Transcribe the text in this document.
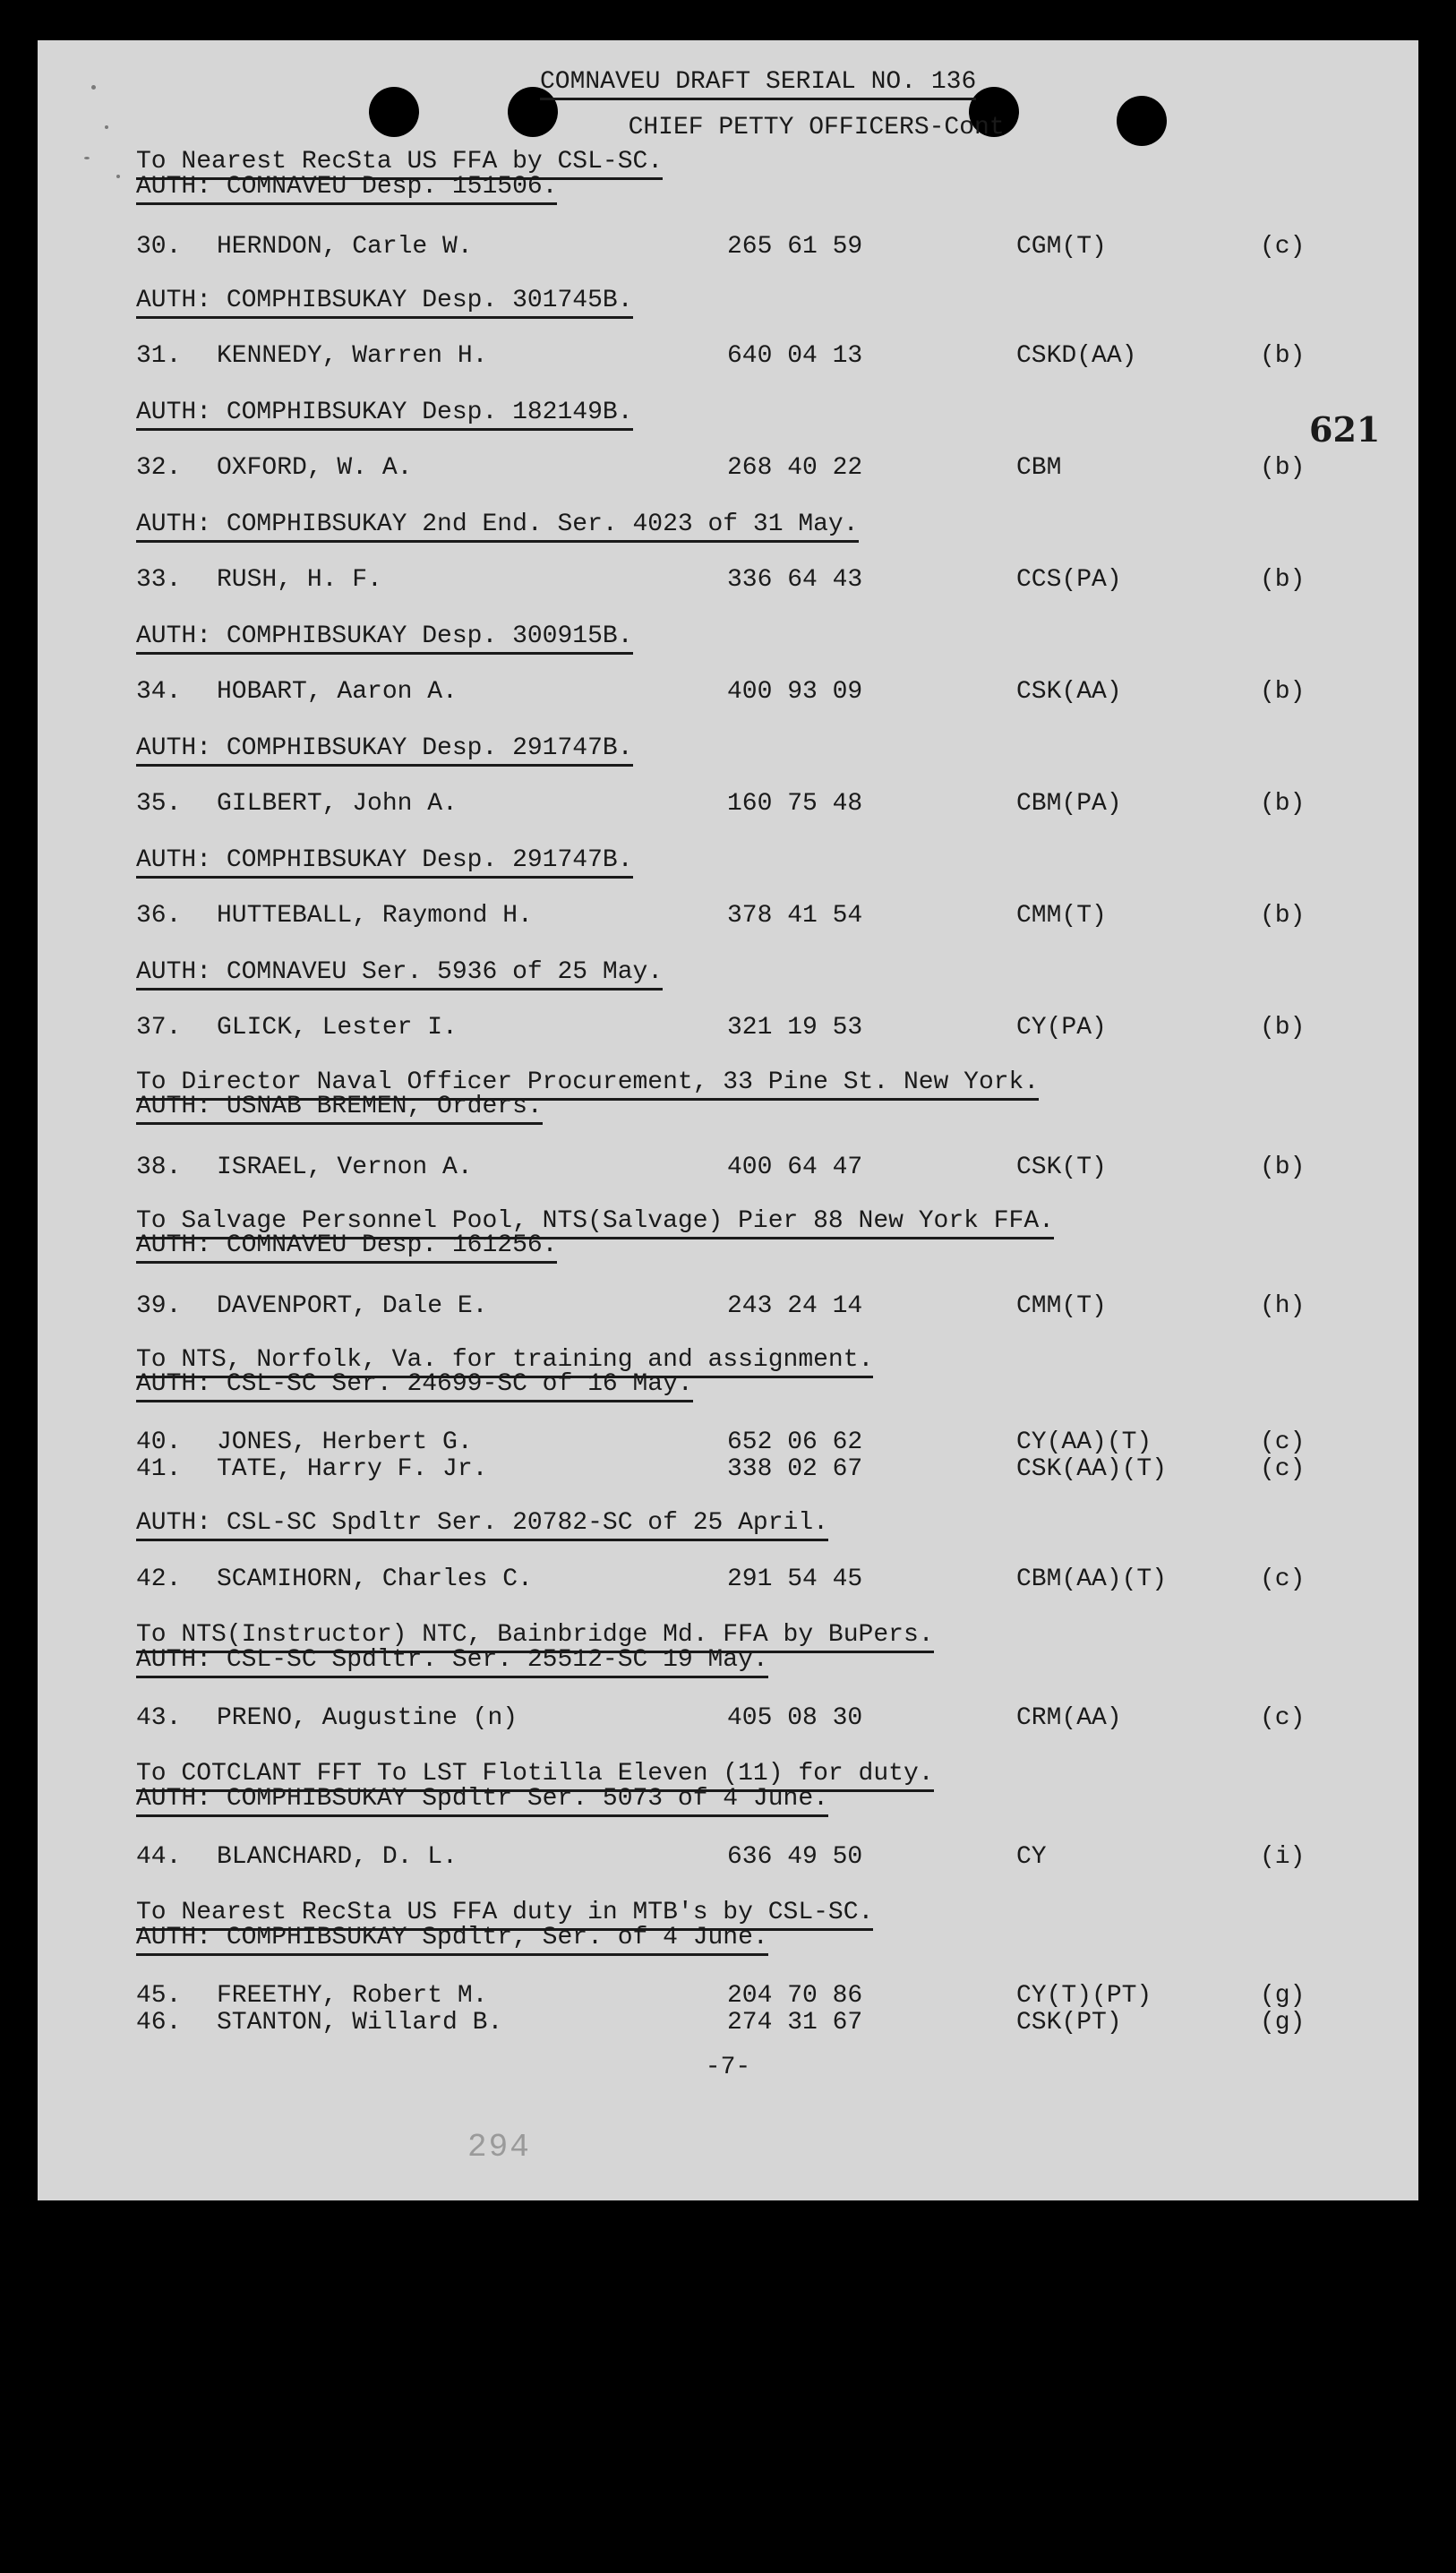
COMNAVEU DRAFT SERIAL NO. 136

CHIEF PETTY OFFICERS-Cont

621
To Nearest RecSta US FFA by CSL-SC.
AUTH: COMNAVEU Desp. 151506.
30. HERNDON, Carle W.	265 61 59	CGM(T)	(c)
AUTH: COMPHIBSUKAY Desp. 301745B.
31. KENNEDY, Warren H.	640 04 13	CSKD(AA)	(b)
AUTH: COMPHIBSUKAY Desp. 182149B.
32. OXFORD, W. A.	268 40 22	CBM	(b)
AUTH: COMPHIBSUKAY 2nd End. Ser. 4023 of 31 May.
33. RUSH, H. F.	336 64 43	CCS(PA)	(b)
AUTH: COMPHIBSUKAY Desp. 300915B.
34. HOBART, Aaron A.	400 93 09	CSK(AA)	(b)
AUTH: COMPHIBSUKAY Desp. 291747B.
35. GILBERT, John A.	160 75 48	CBM(PA)	(b)
AUTH: COMPHIBSUKAY Desp. 291747B.
36. HUTTEBALL, Raymond H.	378 41 54	CMM(T)	(b)
AUTH: COMNAVEU Ser. 5936 of 25 May.
37. GLICK, Lester I.	321 19 53	CY(PA)	(b)
To Director Naval Officer Procurement, 33 Pine St. New York.
AUTH: USNAB BREMEN, Orders.
38. ISRAEL, Vernon A.	400 64 47	CSK(T)	(b)
To Salvage Personnel Pool, NTS(Salvage) Pier 88 New York FFA.
AUTH: COMNAVEU Desp. 161256.
39. DAVENPORT, Dale E.	243 24 14	CMM(T)	(h)
To NTS, Norfolk, Va. for training and assignment.
AUTH: CSL-SC Ser. 24699-SC of 16 May.
40. JONES, Herbert G.	652 06 62	CY(AA)(T)	(c)
41. TATE, Harry F. Jr.	338 02 67	CSK(AA)(T)	(c)
AUTH: CSL-SC Spdltr Ser. 20782-SC of 25 April.
42. SCAMIHORN, Charles C.	291 54 45	CBM(AA)(T)	(c)
To NTS(Instructor) NTC, Bainbridge Md. FFA by BuPers.
AUTH: CSL-SC Spdltr. Ser. 25512-SC 19 May.
43. PRENO, Augustine (n)	405 08 30	CRM(AA)	(c)
To COTCLANT FFT To LST Flotilla Eleven (11) for duty.
AUTH: COMPHIBSUKAY Spdltr Ser. 5073 of 4 June.
44. BLANCHARD, D. L.	636 49 50	CY	(i)
To Nearest RecSta US FFA duty in MTB's by CSL-SC.
AUTH: COMPHIBSUKAY Spdltr, Ser. of 4 June.
45. FREETHY, Robert M.	204 70 86	CY(T)(PT)	(g)
46. STANTON, Willard B.	274 31 67	CSK(PT)	(g)
-7-
294
